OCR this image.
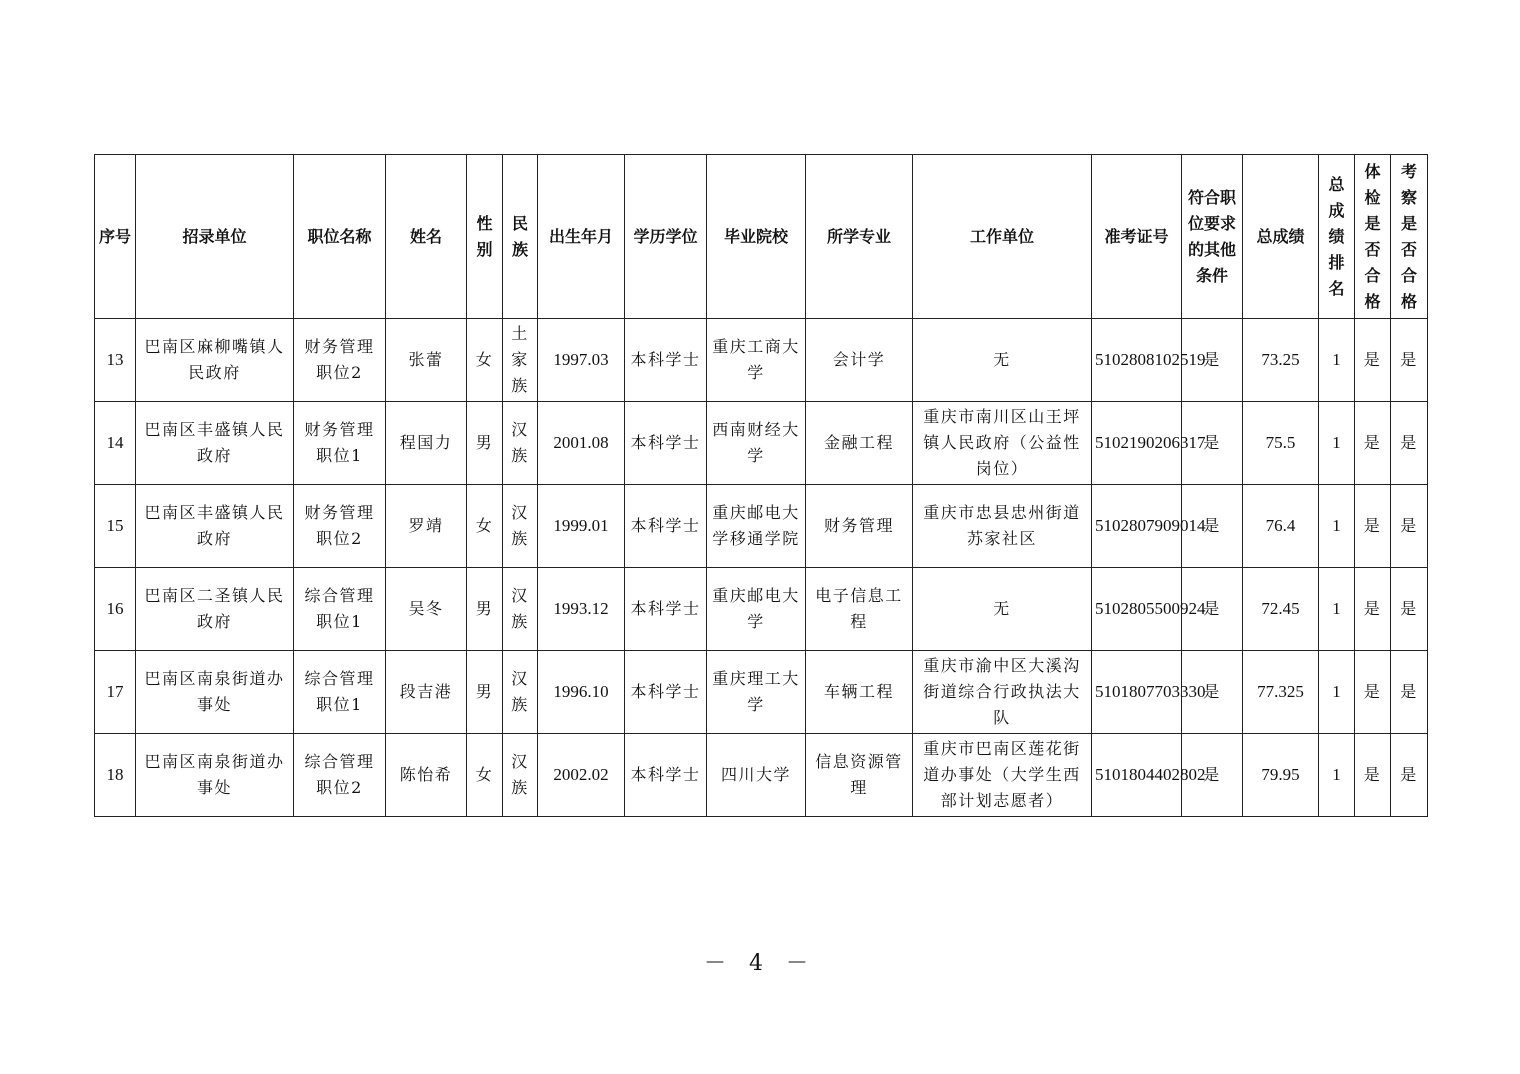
序号	招录单位	职位名称	姓名	性别	民族	出生年月	学历学位	毕业院校	所学专业	工作单位	准考证号	符合职位要求的其他条件	总成绩	总成绩排名	体检是否合格	考察是否合格
13	巴南区麻柳嘴镇人民政府	财务管理职位2	张蕾	女	土家族	1997.03	本科学士	重庆工商大学	会计学	无	5102808102519	是	73.25	1	是	是
14	巴南区丰盛镇人民政府	财务管理职位1	程国力	男	汉族	2001.08	本科学士	西南财经大学	金融工程	重庆市南川区山王坪镇人民政府（公益性岗位）	5102190206317	是	75.5	1	是	是
15	巴南区丰盛镇人民政府	财务管理职位2	罗靖	女	汉族	1999.01	本科学士	重庆邮电大学移通学院	财务管理	重庆市忠县忠州街道苏家社区	5102807909014	是	76.4	1	是	是
16	巴南区二圣镇人民政府	综合管理职位1	吴冬	男	汉族	1993.12	本科学士	重庆邮电大学	电子信息工程	无	5102805500924	是	72.45	1	是	是
17	巴南区南泉街道办事处	综合管理职位1	段吉港	男	汉族	1996.10	本科学士	重庆理工大学	车辆工程	重庆市渝中区大溪沟街道综合行政执法大队	5101807703330	是	77.325	1	是	是
18	巴南区南泉街道办事处	综合管理职位2	陈怡希	女	汉族	2002.02	本科学士	四川大学	信息资源管理	重庆市巴南区莲花街道办事处（大学生西部计划志愿者）	5101804402802	是	79.95	1	是	是
－ 4 －
